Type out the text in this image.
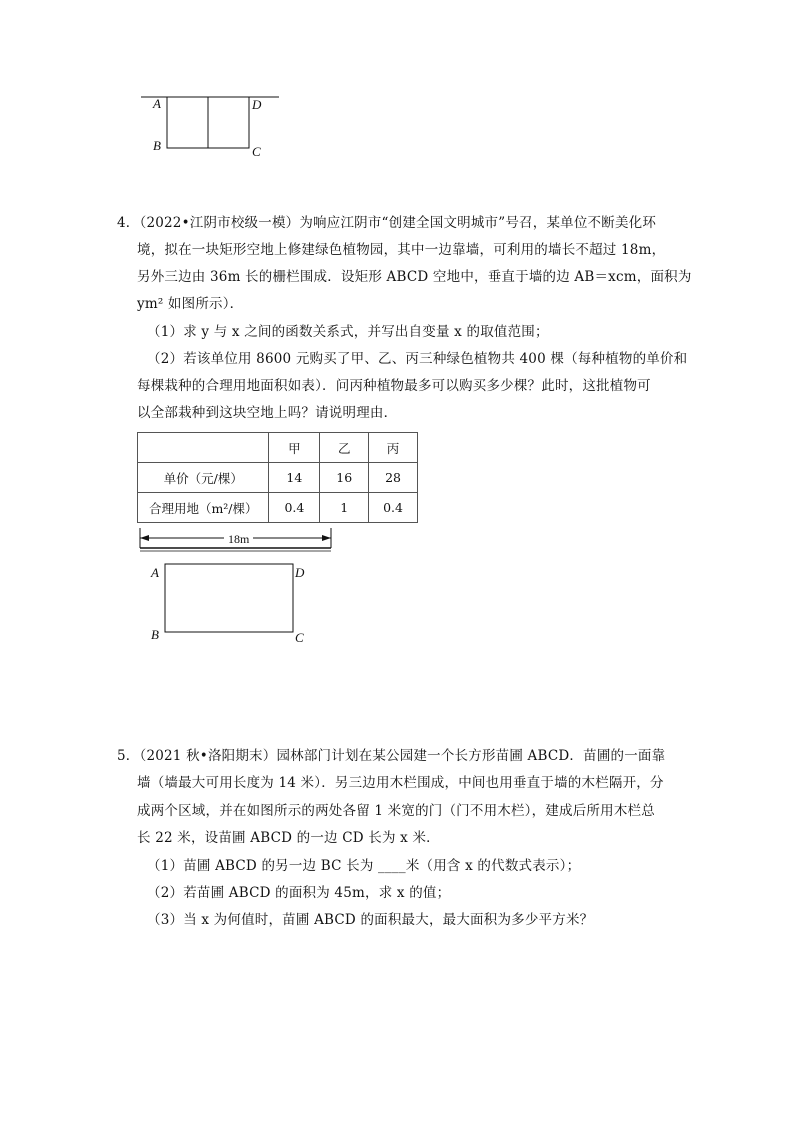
A	D
B	C
4．（2022•江阴市校级一模）为响应江阴市“创建全国文明城市”号召，某单位不断美化环
境，拟在一块矩形空地上修建绿色植物园，其中一边靠墙，可利用的墙长不超过 18m，
另外三边由 36m 长的栅栏围成．设矩形 ABCD 空地中，垂直于墙的边 AB＝xcm，面积为
ym² 如图所示）．
（1）求 y 与 x 之间的函数关系式，并写出自变量 x 的取值范围；
（2）若该单位用 8600 元购买了甲、乙、丙三种绿色植物共 400 棵（每种植物的单价和
每棵栽种的合理用地面积如表）．问丙种植物最多可以购买多少棵？此时，这批植物可
以全部栽种到这块空地上吗？请说明理由．
	甲	乙	丙
单价（元/棵）	14	16	28
合理用地（m²/棵）	0.4	1	0.4
18m
A	D
B	C
5．（2021 秋•洛阳期末）园林部门计划在某公园建一个长方形苗圃 ABCD．苗圃的一面靠
墙（墙最大可用长度为 14 米）．另三边用木栏围成，中间也用垂直于墙的木栏隔开，分
成两个区域，并在如图所示的两处各留 1 米宽的门（门不用木栏），建成后所用木栏总
长 22 米，设苗圃 ABCD 的一边 CD 长为 x 米．
（1）苗圃 ABCD 的另一边 BC 长为 ____米（用含 x 的代数式表示）；
（2）若苗圃 ABCD 的面积为 45m，求 x 的值；
（3）当 x 为何值时，苗圃 ABCD 的面积最大，最大面积为多少平方米？
